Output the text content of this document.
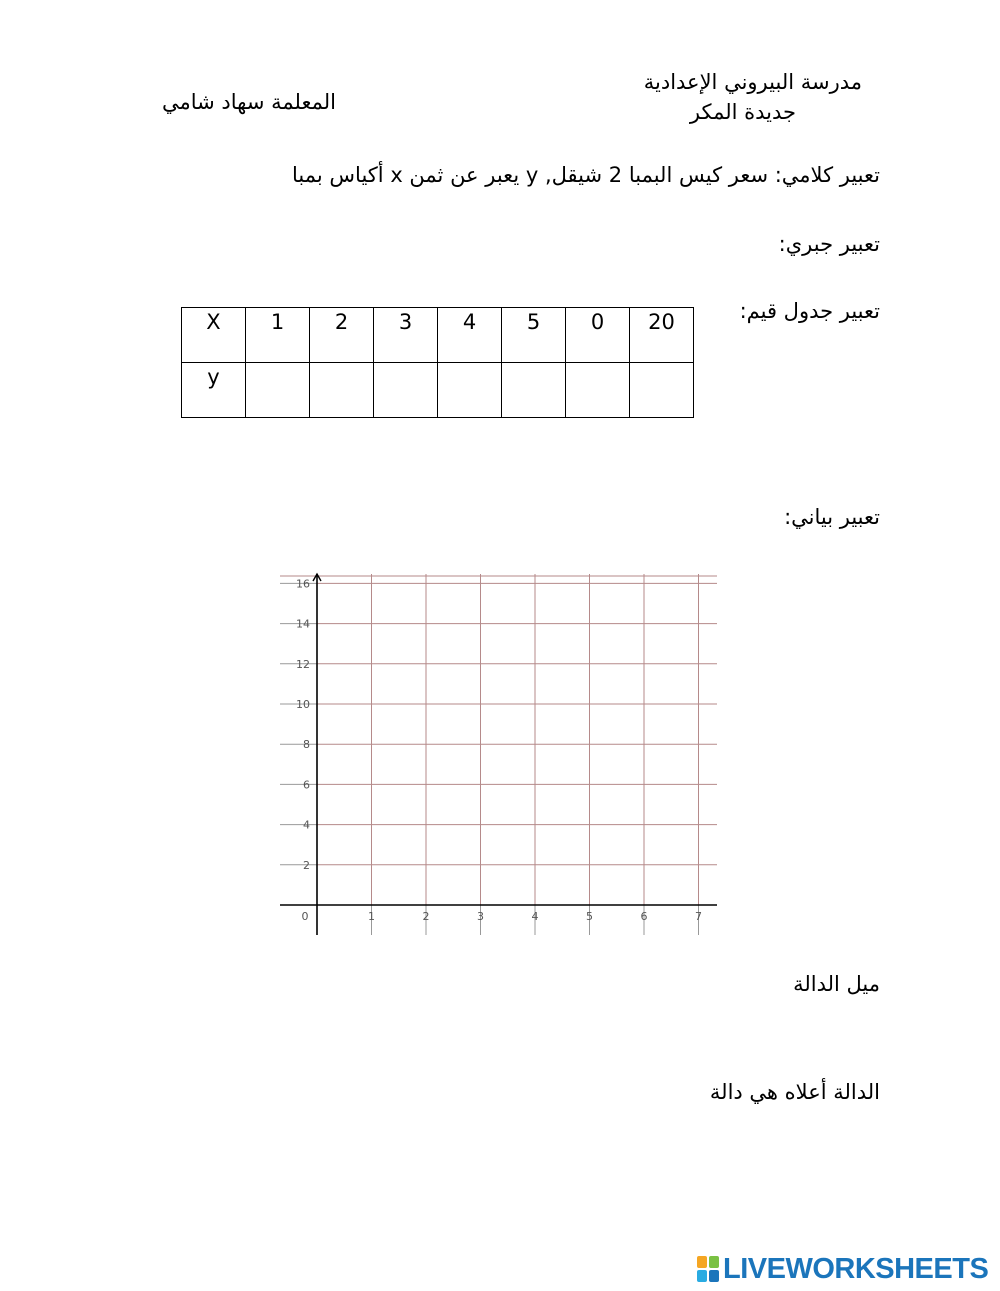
مدرسة البيروني الإعدادية
جديدة المكر
المعلمة سهاد شامي
تعبير كلامي: سعر كيس البمبا 2 شيقل, y يعبر عن ثمن x أكياس بمبا
تعبير جبري:
تعبير جدول قيم:
X	1	2	3	4	5	0	20
y							
تعبير بياني:
0	1	2	3	4	5	6	7
2
4
6
8
10
12
14
16
ميل الدالة
الدالة أعلاه هي دالة
LIVEWORKSHEETS
